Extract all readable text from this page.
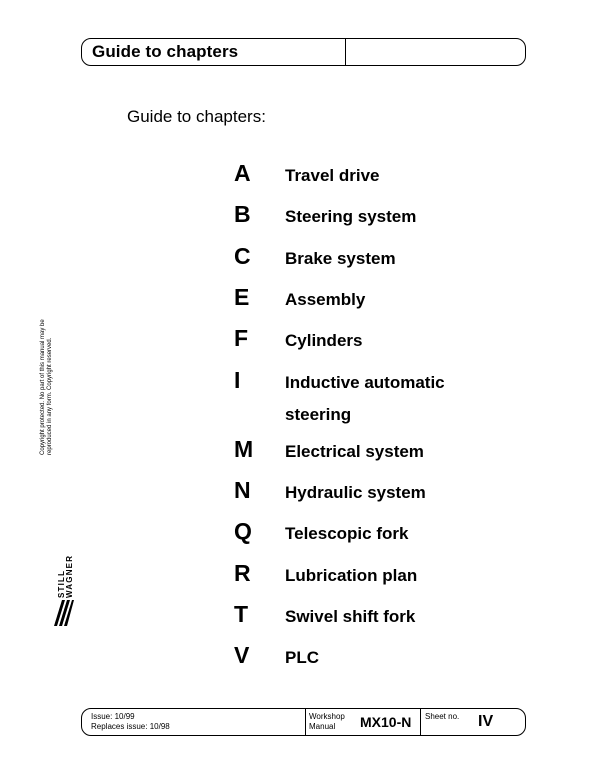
Guide to chapters
Guide to chapters:
A	Travel drive
B	Steering system
C	Brake system
E	Assembly
F	Cylinders
I	Inductive automatic
steering
M	Electrical system
N	Hydraulic system
Q	Telescopic fork
R	Lubrication plan
T	Swivel shift fork
V	PLC
Copyright protected. No part of this manual may be reproduced in any form. Copyright reserved.
STILL WAGNER
Issue: 10/99
Replaces issue: 10/98
Workshop
Manual MX10-N Sheet no. IV
